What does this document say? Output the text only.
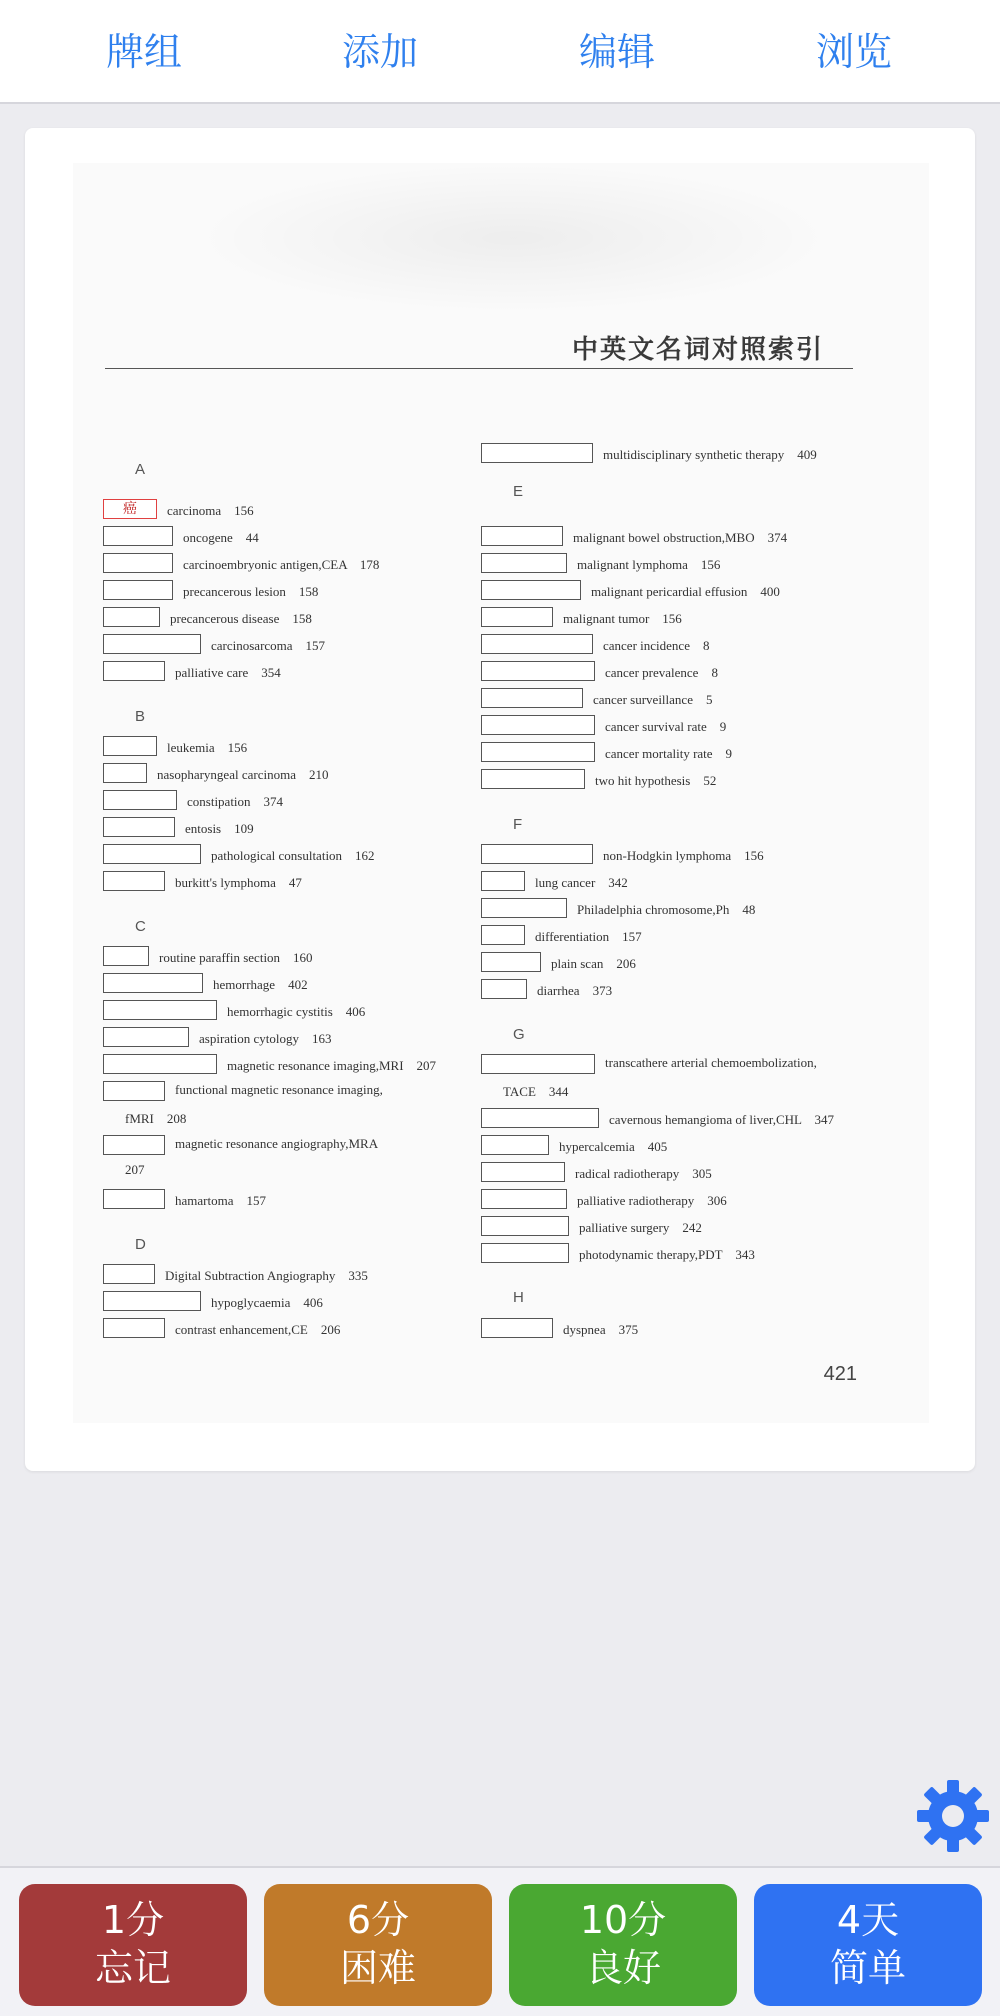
牌组	添加	编辑	浏览
中英文名词对照索引
421
A
癌	carcinoma　156
oncogene　44
carcinoembryonic antigen,CEA　178
precancerous lesion　158
precancerous disease　158
carcinosarcoma　157
palliative care　354
B
leukemia　156
nasopharyngeal carcinoma　210
constipation　374
entosis　109
pathological consultation　162
burkitt's lymphoma　47
C
routine paraffin section　160
hemorrhage　402
hemorrhagic cystitis　406
aspiration cytology　163
magnetic resonance imaging,MRI　207
functional magnetic resonance imaging,
fMRI　208
magnetic resonance angiography,MRA
207
hamartoma　157
D
Digital Subtraction Angiography　335
hypoglycaemia　406
contrast enhancement,CE　206
multidisciplinary synthetic therapy　409
E
malignant bowel obstruction,MBO　374
malignant lymphoma　156
malignant pericardial effusion　400
malignant tumor　156
cancer incidence　8
cancer prevalence　8
cancer surveillance　5
cancer survival rate　9
cancer mortality rate　9
two hit hypothesis　52
F
non-Hodgkin lymphoma　156
lung cancer　342
Philadelphia chromosome,Ph　48
differentiation　157
plain scan　206
diarrhea　373
G
transcathere arterial chemoembolization,
TACE　344
cavernous hemangioma of liver,CHL　347
hypercalcemia　405
radical radiotherapy　305
palliative radiotherapy　306
palliative surgery　242
photodynamic therapy,PDT　343
H
dyspnea　375
1分
忘记
6分
困难
10分
良好
4天
简单
